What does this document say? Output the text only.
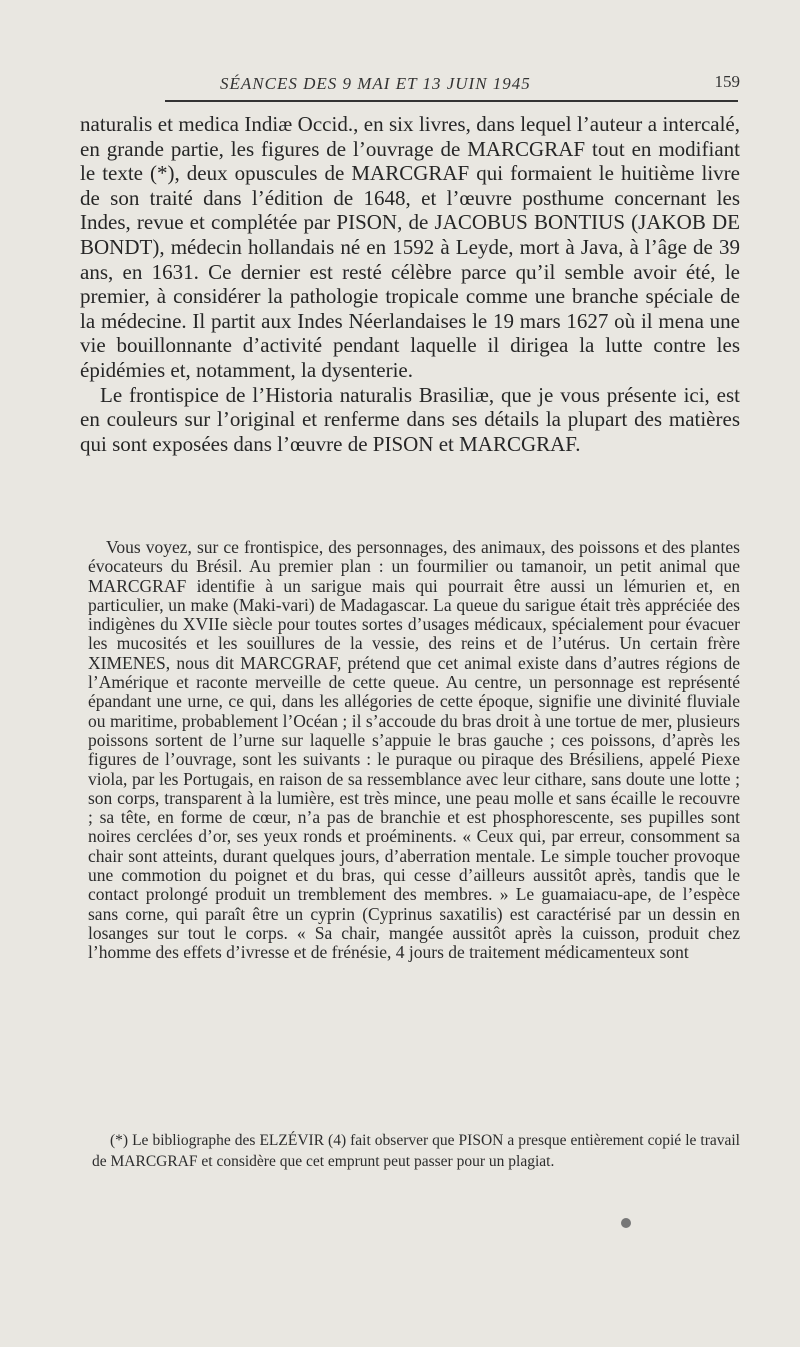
SÉANCES DES 9 MAI ET 13 JUIN 1945	159

naturalis et medica Indiæ Occid., en six livres, dans lequel l’auteur a intercalé, en grande partie, les figures de l’ouvrage de MARCGRAF tout en modifiant le texte (*), deux opuscules de MARCGRAF qui formaient le huitième livre de son traité dans l’édition de 1648, et l’œuvre posthume concernant les Indes, revue et complétée par PISON, de JACOBUS BONTIUS (JAKOB DE BONDT), médecin hollandais né en 1592 à Leyde, mort à Java, à l’âge de 39 ans, en 1631. Ce dernier est resté célèbre parce qu’il semble avoir été, le premier, à considérer la pathologie tropicale comme une branche spéciale de la médecine. Il partit aux Indes Néerlandaises le 19 mars 1627 où il mena une vie bouillonnante d’activité pendant laquelle il dirigea la lutte contre les épidémies et, notamment, la dysenterie.

Le frontispice de l’Historia naturalis Brasiliæ, que je vous présente ici, est en couleurs sur l’original et renferme dans ses détails la plupart des matières qui sont exposées dans l’œuvre de PISON et MARCGRAF.

Vous voyez, sur ce frontispice, des personnages, des animaux, des poissons et des plantes évocateurs du Brésil. Au premier plan : un fourmilier ou tamanoir, un petit animal que MARCGRAF identifie à un sarigue mais qui pourrait être aussi un lémurien et, en particulier, un make (Maki-vari) de Madagascar. La queue du sarigue était très appréciée des indigènes du XVIIe siècle pour toutes sortes d’usages médicaux, spécialement pour évacuer les mucosités et les souillures de la vessie, des reins et de l’utérus. Un certain frère XIMENES, nous dit MARCGRAF, prétend que cet animal existe dans d’autres régions de l’Amérique et raconte merveille de cette queue. Au centre, un personnage est représenté épandant une urne, ce qui, dans les allégories de cette époque, signifie une divinité fluviale ou maritime, probablement l’Océan ; il s’accoude du bras droit à une tortue de mer, plusieurs poissons sortent de l’urne sur laquelle s’appuie le bras gauche ; ces poissons, d’après les figures de l’ouvrage, sont les suivants : le puraque ou piraque des Brésiliens, appelé Piexe viola, par les Portugais, en raison de sa ressemblance avec leur cithare, sans doute une lotte ; son corps, transparent à la lumière, est très mince, une peau molle et sans écaille le recouvre ; sa tête, en forme de cœur, n’a pas de branchie et est phosphorescente, ses pupilles sont noires cerclées d’or, ses yeux ronds et proéminents. « Ceux qui, par erreur, consomment sa chair sont atteints, durant quelques jours, d’aberration mentale. Le simple toucher provoque une commotion du poignet et du bras, qui cesse d’ailleurs aussitôt après, tandis que le contact prolongé produit un tremblement des membres. » Le guamaiacu-ape, de l’espèce sans corne, qui paraît être un cyprin (Cyprinus saxatilis) est caractérisé par un dessin en losanges sur tout le corps. « Sa chair, mangée aussitôt après la cuisson, produit chez l’homme des effets d’ivresse et de frénésie, 4 jours de traitement médicamenteux sont

(*) Le bibliographe des ELZÉVIR (4) fait observer que PISON a presque entièrement copié le travail de MARCGRAF et considère que cet emprunt peut passer pour un plagiat.
